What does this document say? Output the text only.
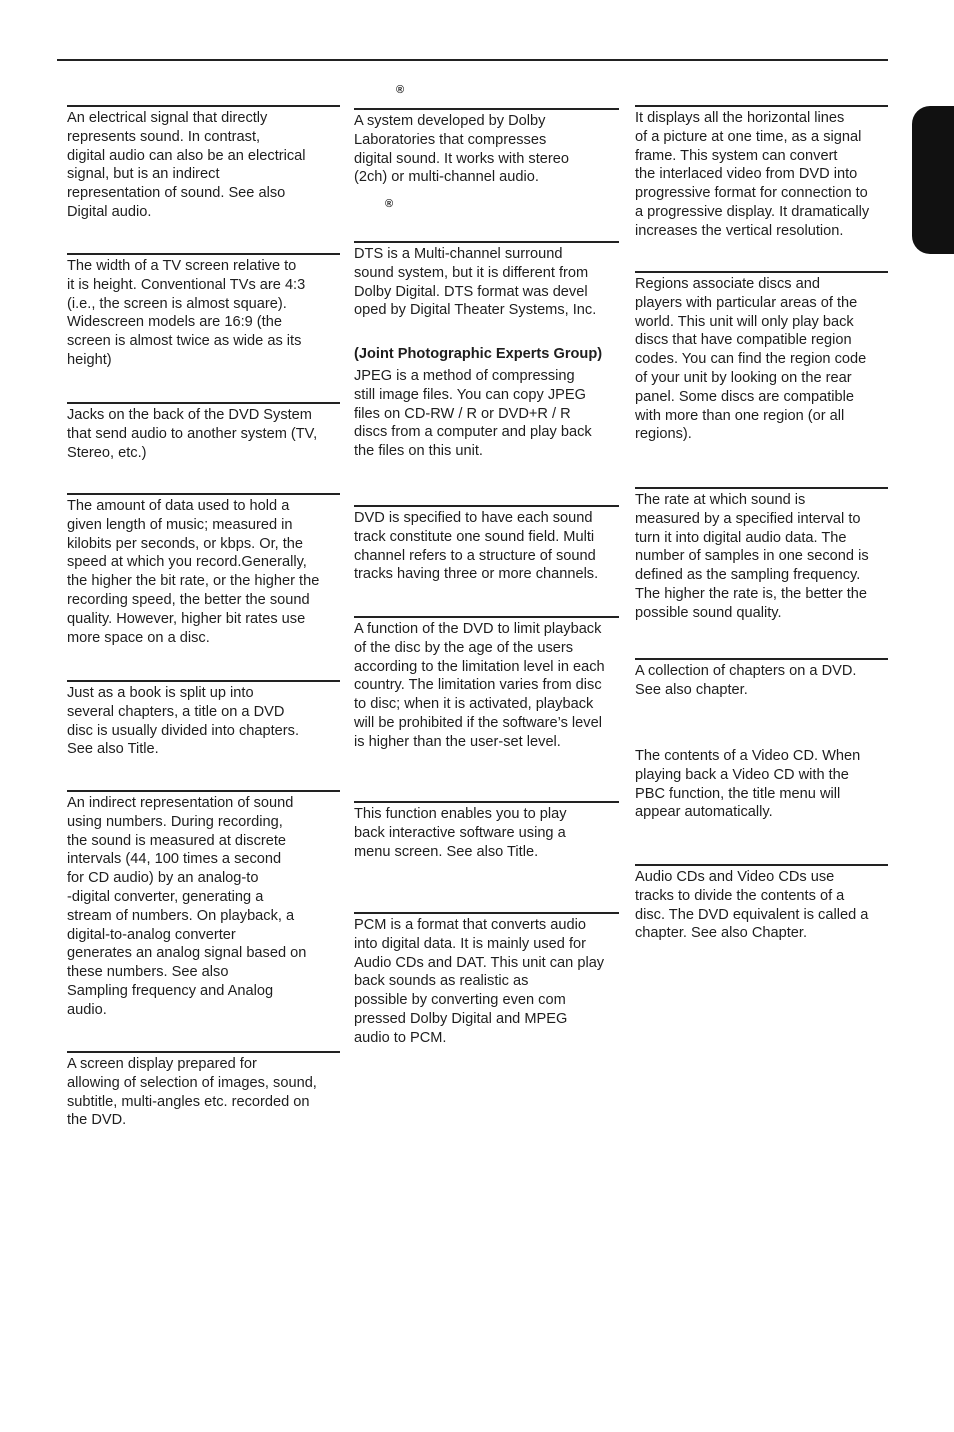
®
®

An electrical signal that directly
represents sound. In contrast,
digital audio can also be an electrical
signal, but is an indirect
representation of sound. See also
Digital audio.

The width of a TV screen relative to
it is height. Conventional TVs are 4:3
(i.e., the screen is almost square).
Widescreen models are 16:9 (the
screen is almost twice as wide as its
height)

Jacks on the back of the DVD System
that send audio to another system (TV,
Stereo, etc.)

The amount of data used to hold a
given length of music; measured in
kilobits per seconds, or kbps. Or, the
speed at which you record.Generally,
the higher the bit rate, or the higher the
recording speed, the better the sound
quality. However, higher bit rates use
more space on a disc.

Just as a book is split up into
several chapters, a title on a DVD
disc is usually divided into chapters.
See also Title.

An indirect representation of sound
using numbers. During recording,
the sound is measured at discrete
intervals (44, 100 times a second
for CD audio) by an analog-to
-digital converter, generating a
stream of numbers. On playback, a
digital-to-analog converter
generates an analog signal based on
these numbers. See also
Sampling frequency and Analog
audio.

A screen display prepared for
allowing of selection of images, sound,
subtitle, multi-angles etc. recorded on
the DVD.

A system developed by Dolby
Laboratories that compresses
digital sound. It works with stereo
(2ch) or multi-channel audio.

DTS is a Multi-channel surround
sound system, but it is different from
Dolby Digital. DTS format was devel
oped by Digital Theater Systems, Inc.

(Joint Photographic Experts Group)

JPEG is a method of compressing
still image files. You can copy JPEG
files on CD-RW / R or DVD+R / R
discs from a computer and play back
the files on this unit.

DVD is specified to have each sound
track constitute one sound field. Multi
channel refers to a structure of sound
tracks having three or more channels.

A function of the DVD to limit playback
of the disc by the age of the users
according to the limitation level in each
country. The limitation varies from disc
to disc; when it is activated, playback
will be prohibited if the software’s level
is higher than the user-set level.

This function enables you to play
back interactive software using a
menu screen. See also Title.

PCM is a format that converts audio
into digital data. It is mainly used for
Audio CDs and DAT. This unit can play
back sounds as realistic as
possible by converting even com
pressed Dolby Digital and MPEG
audio to PCM.

It displays all the horizontal lines
of a picture at one time, as a signal
frame. This system can convert
the interlaced video from DVD into
progressive format for connection to
a progressive display. It dramatically
increases the vertical resolution.

Regions associate discs and
players with particular areas of the
world. This unit will only play back
discs that have compatible region
codes. You can find the region code
of your unit by looking on the rear
panel. Some discs are compatible
with more than one region (or all
regions).

The rate at which sound is
measured by a specified interval to
turn it into digital audio data. The
number of samples in one second is
defined as the sampling frequency.
The higher the rate is, the better the
possible sound quality.

A collection of chapters on a DVD.
See also chapter.

The contents of a Video CD. When
playing back a Video CD with the
PBC function, the title menu will
appear automatically.

Audio CDs and Video CDs use
tracks to divide the contents of a
disc. The DVD equivalent is called a
chapter. See also Chapter.
